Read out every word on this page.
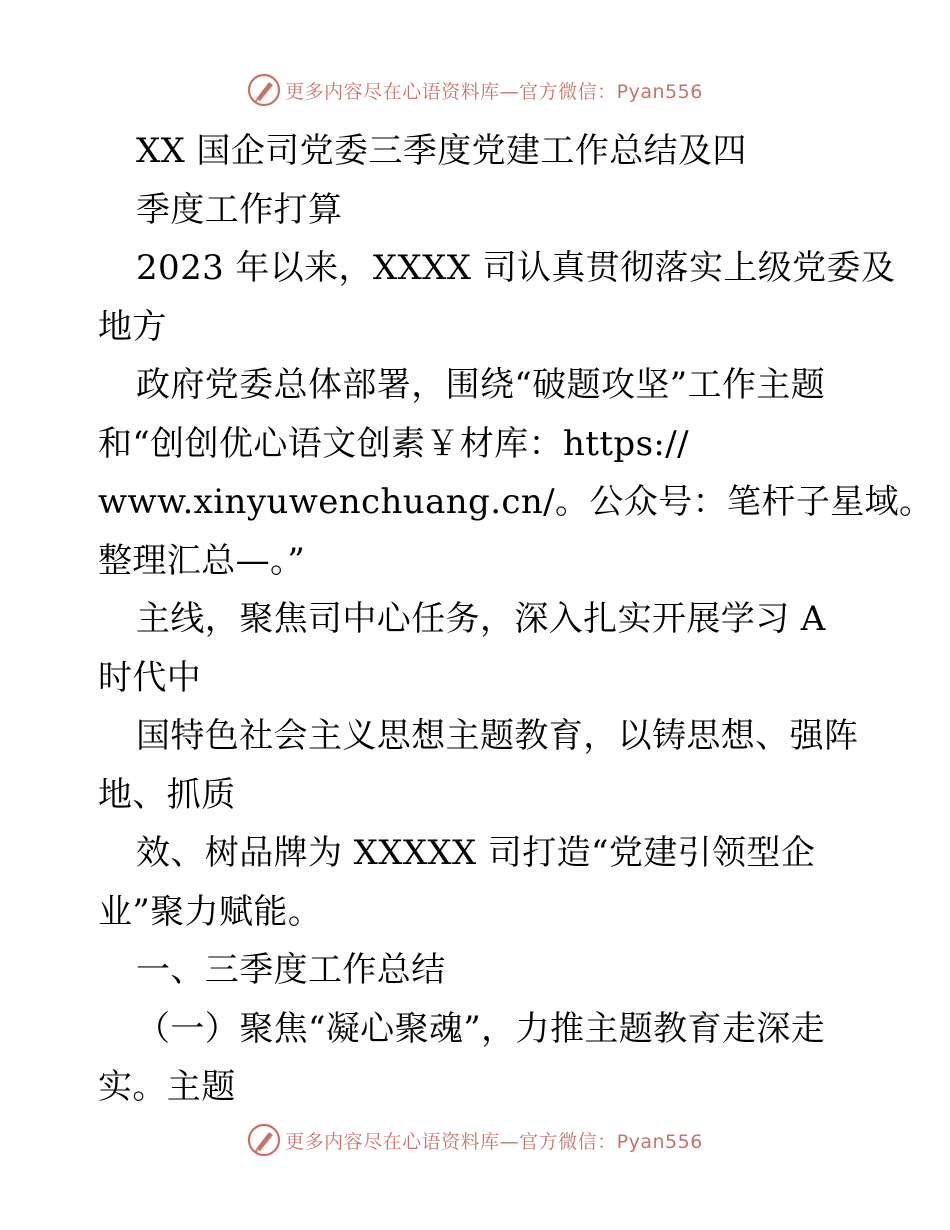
更多内容尽在心语资料库—官方微信：Pyan556
XX 国企司党委三季度党建工作总结及四
季度工作打算
2023 年以来，XXXX 司认真贯彻落实上级党委及
地方
政府党委总体部署，围绕“破题攻坚”工作主题
和“创创优心语文创素￥材库：https://
www.xinyuwenchuang.cn/。公众号：笔杆子星域。
整理汇总—。”
主线，聚焦司中心任务，深入扎实开展学习 A
时代中
国特色社会主义思想主题教育，以铸思想、强阵
地、抓质
效、树品牌为 XXXXX 司打造“党建引领型企
业”聚力赋能。
一、三季度工作总结
（一）聚焦“凝心聚魂”，力推主题教育走深走
实。主题
更多内容尽在心语资料库—官方微信：Pyan556
